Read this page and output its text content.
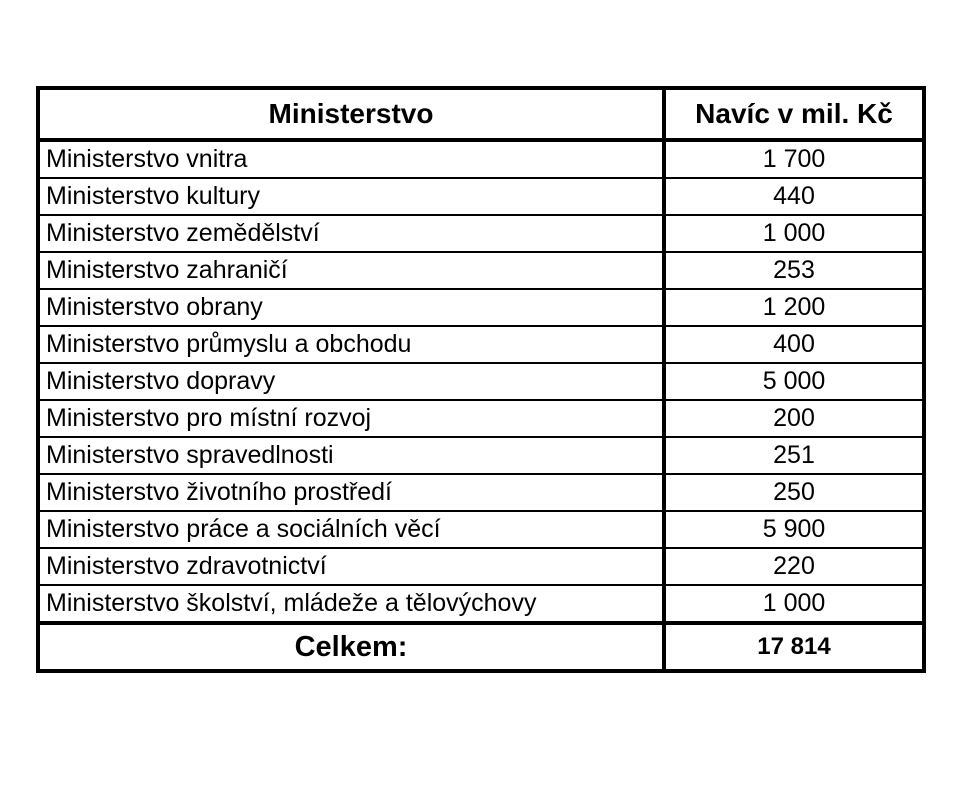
Ministerstvo	Navíc v mil. Kč
Ministerstvo vnitra	1 700
Ministerstvo kultury	440
Ministerstvo zemědělství	1 000
Ministerstvo zahraničí	253
Ministerstvo obrany	1 200
Ministerstvo průmyslu a obchodu	400
Ministerstvo dopravy	5 000
Ministerstvo pro místní rozvoj	200
Ministerstvo spravedlnosti	251
Ministerstvo životního prostředí	250
Ministerstvo práce a sociálních věcí	5 900
Ministerstvo zdravotnictví	220
Ministerstvo školství, mládeže a tělovýchovy	1 000
Celkem:	17 814
